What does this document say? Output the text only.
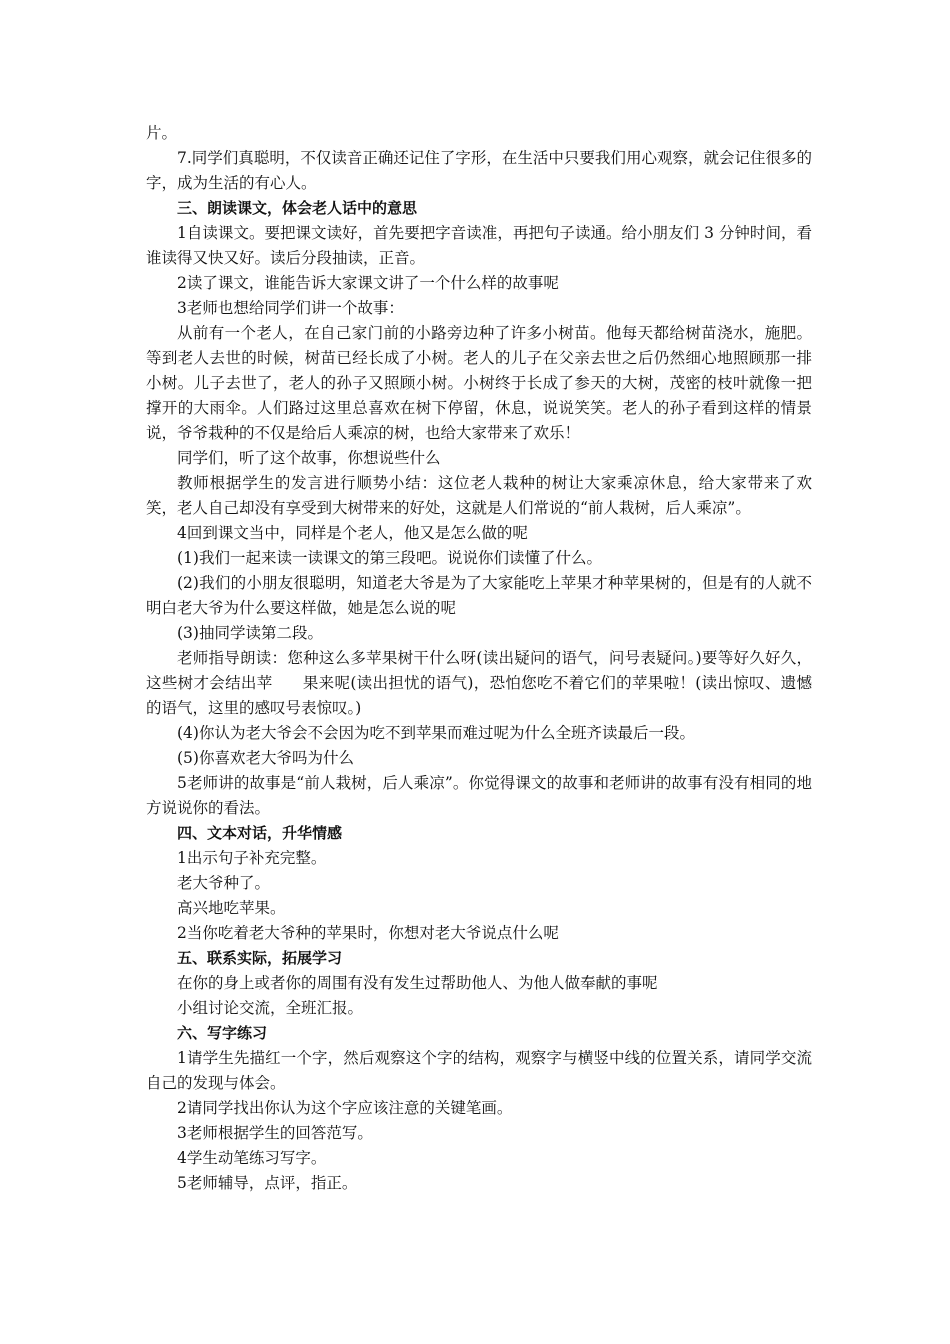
片。

7.同学们真聪明，不仅读音正确还记住了字形，在生活中只要我们用心观察，就会记住很多的字，成为生活的有心人。

三、朗读课文，体会老人话中的意思

1自读课文。要把课文读好，首先要把字音读准，再把句子读通。给小朋友们 3 分钟时间，看谁读得又快又好。读后分段抽读，正音。

2读了课文，谁能告诉大家课文讲了一个什么样的故事呢

3老师也想给同学们讲一个故事：

从前有一个老人，在自己家门前的小路旁边种了许多小树苗。他每天都给树苗浇水，施肥。等到老人去世的时候，树苗已经长成了小树。老人的儿子在父亲去世之后仍然细心地照顾那一排小树。儿子去世了，老人的孙子又照顾小树。小树终于长成了参天的大树，茂密的枝叶就像一把撑开的大雨伞。人们路过这里总喜欢在树下停留，休息，说说笑笑。老人的孙子看到这样的情景说，爷爷栽种的不仅是给后人乘凉的树，也给大家带来了欢乐！

同学们，听了这个故事，你想说些什么

教师根据学生的发言进行顺势小结：这位老人栽种的树让大家乘凉休息，给大家带来了欢笑，老人自己却没有享受到大树带来的好处，这就是人们常说的“前人栽树，后人乘凉”。

4回到课文当中，同样是个老人，他又是怎么做的呢

(1)我们一起来读一读课文的第三段吧。说说你们读懂了什么。

(2)我们的小朋友很聪明，知道老大爷是为了大家能吃上苹果才种苹果树的，但是有的人就不明白老大爷为什么要这样做，她是怎么说的呢

(3)抽同学读第二段。

老师指导朗读：您种这么多苹果树干什么呀(读出疑问的语气，问号表疑问。)要等好久好久，这些树才会结出苹 果来呢(读出担忧的语气)，恐怕您吃不着它们的苹果啦！(读出惊叹、遗憾的语气，这里的感叹号表惊叹。)

(4)你认为老大爷会不会因为吃不到苹果而难过呢为什么全班齐读最后一段。

(5)你喜欢老大爷吗为什么

5老师讲的故事是“前人栽树，后人乘凉”。你觉得课文的故事和老师讲的故事有没有相同的地方说说你的看法。

四、文本对话，升华情感

1出示句子补充完整。

老大爷种了。

高兴地吃苹果。

2当你吃着老大爷种的苹果时，你想对老大爷说点什么呢

五、联系实际，拓展学习

在你的身上或者你的周围有没有发生过帮助他人、为他人做奉献的事呢

小组讨论交流，全班汇报。

六、写字练习

1请学生先描红一个字，然后观察这个字的结构，观察字与横竖中线的位置关系，请同学交流自己的发现与体会。

2请同学找出你认为这个字应该注意的关键笔画。

3老师根据学生的回答范写。

4学生动笔练习写字。

5老师辅导，点评，指正。
